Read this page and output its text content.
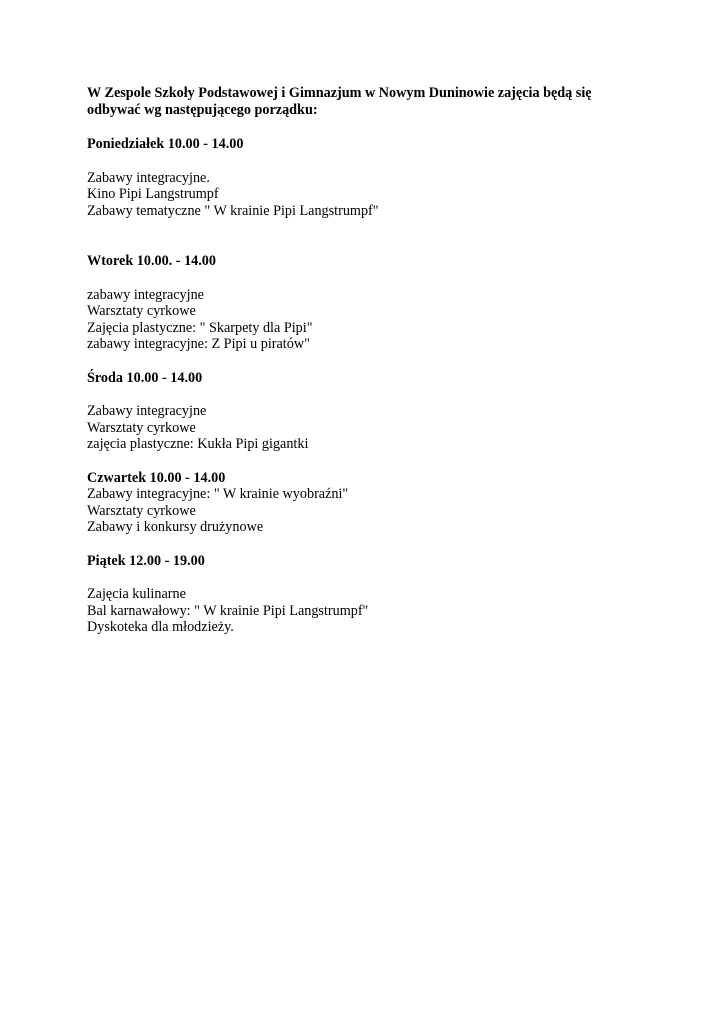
W Zespole Szkoły Podstawowej i Gimnazjum w Nowym Duninowie zajęcia będą się odbywać wg następującego porządku:

Poniedziałek 10.00 - 14.00

Zabawy integracyjne.

Kino Pipi Langstrumpf

Zabawy tematyczne " W krainie Pipi Langstrumpf"

Wtorek 10.00. - 14.00

zabawy integracyjne

Warsztaty cyrkowe

Zajęcia plastyczne: " Skarpety dla Pipi"

zabawy integracyjne: Z Pipi u piratów"

Środa 10.00 - 14.00

Zabawy integracyjne

Warsztaty cyrkowe

zajęcia plastyczne: Kukła Pipi gigantki

Czwartek 10.00 - 14.00

Zabawy integracyjne: " W krainie wyobraźni"

Warsztaty cyrkowe

Zabawy i konkursy drużynowe

Piątek 12.00 - 19.00

Zajęcia kulinarne

Bal karnawałowy: " W krainie Pipi Langstrumpf"

Dyskoteka dla młodzieży.
